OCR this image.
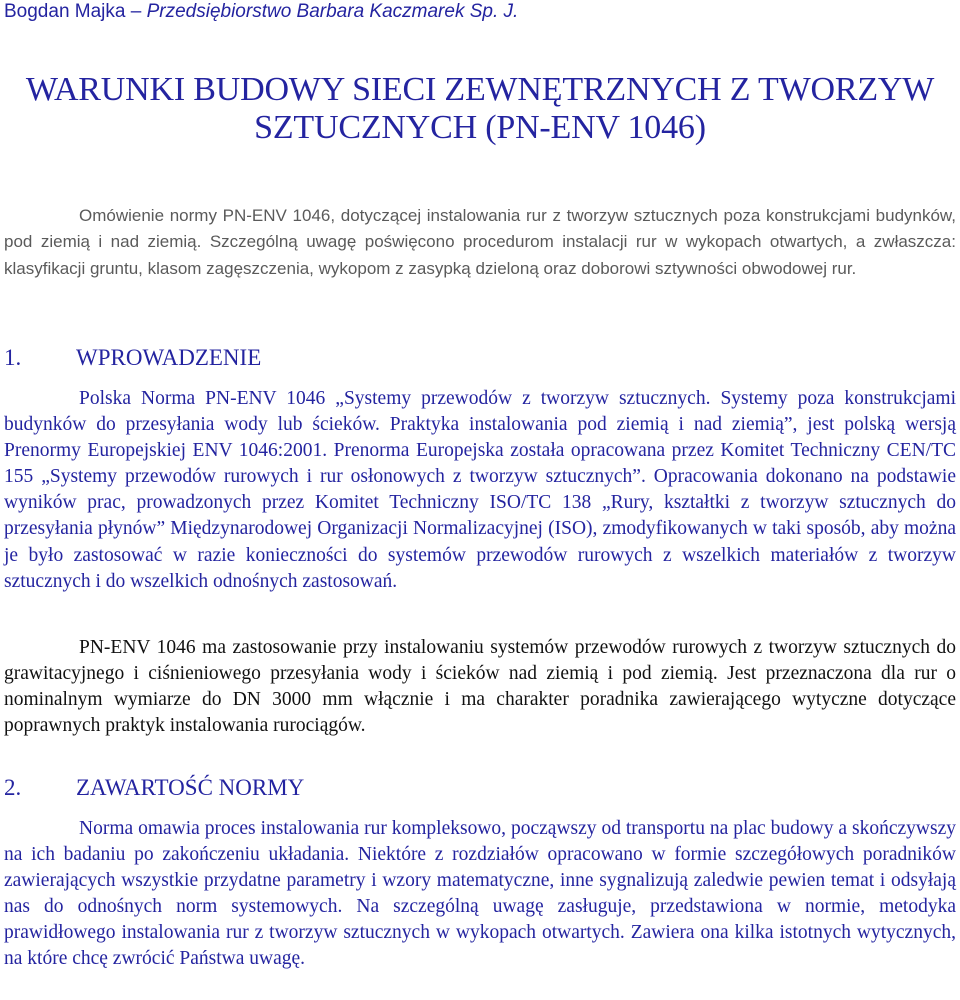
Bogdan Majka – Przedsiębiorstwo Barbara Kaczmarek Sp. J.
WARUNKI BUDOWY SIECI ZEWNĘTRZNYCH Z TWORZYW
SZTUCZNYCH (PN-ENV 1046)

Omówienie normy PN-ENV 1046, dotyczącej instalowania rur z tworzyw sztucznych poza konstrukcjami budynków, pod ziemią i nad ziemią. Szczególną uwagę poświęcono procedurom instalacji rur w wykopach otwartych, a zwłaszcza: klasyfikacji gruntu, klasom zagęszczenia, wykopom z zasypką dzieloną oraz doborowi sztywności obwodowej rur.

1. WPROWADZENIE

Polska Norma PN-ENV 1046 „Systemy przewodów z tworzyw sztucznych. Systemy poza konstrukcjami budynków do przesyłania wody lub ścieków. Praktyka instalowania pod ziemią i nad ziemią”, jest polską wersją Prenormy Europejskiej ENV 1046:2001. Prenorma Europejska została opracowana przez Komitet Techniczny CEN/TC 155 „Systemy przewodów rurowych i rur osłonowych z tworzyw sztucznych”. Opracowania dokonano na podstawie wyników prac, prowadzonych przez Komitet Techniczny ISO/TC 138 „Rury, kształtki z tworzyw sztucznych do przesyłania płynów” Międzynarodowej Organizacji Normalizacyjnej (ISO), zmodyfikowanych w taki sposób, aby można je było zastosować w razie konieczności do systemów przewodów rurowych z wszelkich materiałów z tworzyw sztucznych i do wszelkich odnośnych zastosowań.

PN-ENV 1046 ma zastosowanie przy instalowaniu systemów przewodów rurowych z tworzyw sztucznych do grawitacyjnego i ciśnieniowego przesyłania wody i ścieków nad ziemią i pod ziemią. Jest przeznaczona dla rur o nominalnym wymiarze do DN 3000 mm włącznie i ma charakter poradnika zawierającego wytyczne dotyczące poprawnych praktyk instalowania rurociągów.

2. ZAWARTOŚĆ NORMY

Norma omawia proces instalowania rur kompleksowo, począwszy od transportu na plac budowy a skończywszy na ich badaniu po zakończeniu układania. Niektóre z rozdziałów opracowano w formie szczegółowych poradników zawierających wszystkie przydatne parametry i wzory matematyczne, inne sygnalizują zaledwie pewien temat i odsyłają nas do odnośnych norm systemowych. Na szczególną uwagę zasługuje, przedstawiona w normie, metodyka prawidłowego instalowania rur z tworzyw sztucznych w wykopach otwartych. Zawiera ona kilka istotnych wytycznych, na które chcę zwrócić Państwa uwagę.
